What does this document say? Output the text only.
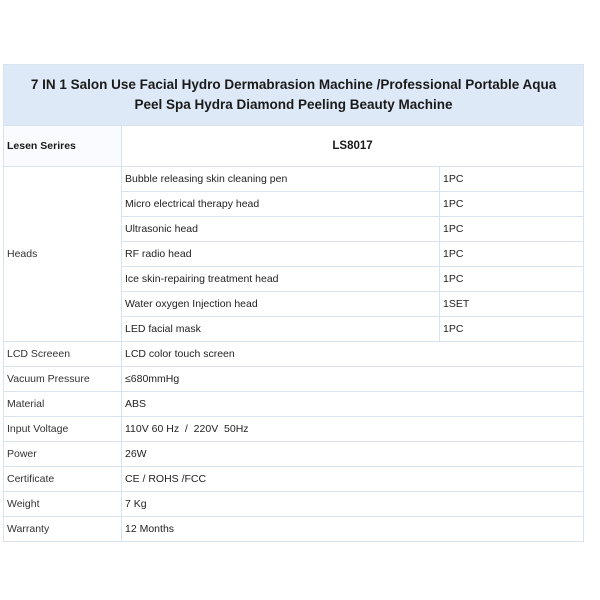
7 IN 1 Salon Use Facial Hydro Dermabrasion Machine /Professional Portable Aqua
Peel Spa Hydra Diamond Peeling Beauty Machine		

Lesen Serires	LS8017	
Heads	Bubble releasing skin cleaning pen	1PC
	Micro electrical therapy head	1PC
	Ultrasonic head	1PC
	RF radio head	1PC
	Ice skin-repairing treatment head	1PC
	Water oxygen Injection head	1SET
	LED facial mask	1PC
LCD Screeen	LCD color touch screen	
Vacuum Pressure	≤680mmHg	
Material	ABS	
Input Voltage	110V 60 Hz  /  220V  50Hz	
Power	26W	
Certificate	CE / ROHS /FCC	
Weight	7 Kg	
Warranty	12 Months	
